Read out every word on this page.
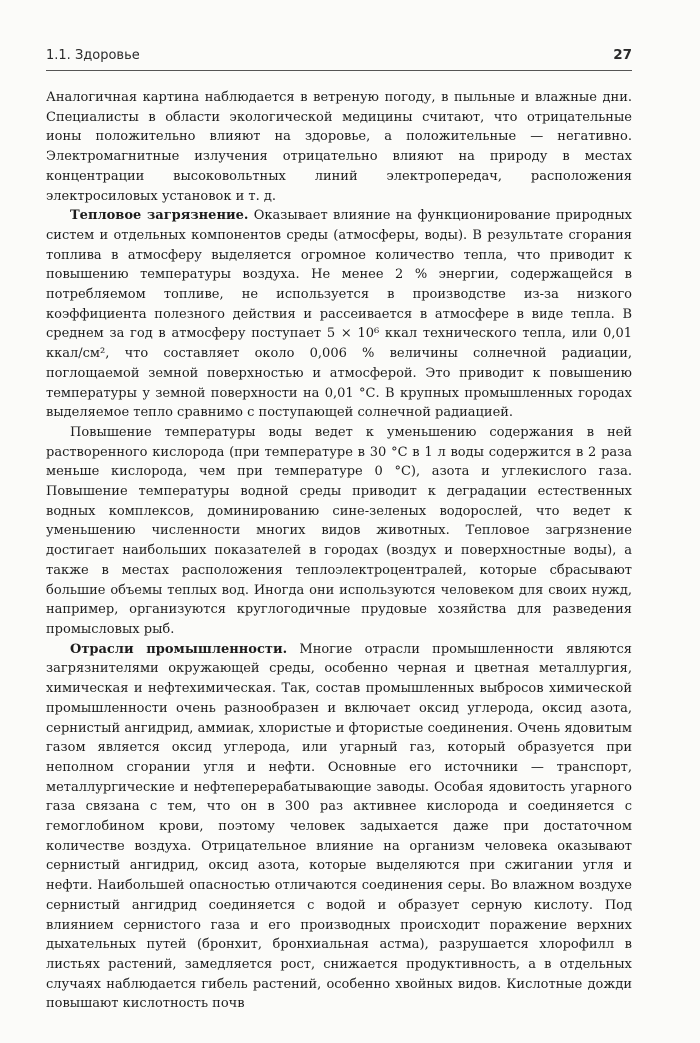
1.1. Здоровье	27

Аналогичная картина наблюдается в ветреную погоду, в пыльные и влажные дни. Специалисты в области экологической медицины считают, что отрицательные ионы положительно влияют на здоровье, а положительные — негативно. Электромагнитные излучения отрицательно влияют на природу в местах концентрации высоковольтных линий электропередач, расположения электросиловых установок и т. д.

Тепловое загрязнение. Оказывает влияние на функционирование природных систем и отдельных компонентов среды (атмосферы, воды). В результате сгорания топлива в атмосферу выделяется огромное количество тепла, что приводит к повышению температуры воздуха. Не менее 2 % энергии, содержащейся в потребляемом топливе, не используется в производстве из-за низкого коэффициента полезного действия и рассеивается в атмосфере в виде тепла. В среднем за год в атмосферу поступает 5 × 10⁶ ккал технического тепла, или 0,01 ккал/см², что составляет около 0,006 % величины солнечной радиации, поглощаемой земной поверхностью и атмосферой. Это приводит к повышению температуры у земной поверхности на 0,01 °С. В крупных промышленных городах выделяемое тепло сравнимо с поступающей солнечной радиацией.

Повышение температуры воды ведет к уменьшению содержания в ней растворенного кислорода (при температуре в 30 °С в 1 л воды содержится в 2 раза меньше кислорода, чем при температуре 0 °С), азота и углекислого газа. Повышение температуры водной среды приводит к деградации естественных водных комплексов, доминированию сине-зеленых водорослей, что ведет к уменьшению численности многих видов животных. Тепловое загрязнение достигает наибольших показателей в городах (воздух и поверхностные воды), а также в местах расположения теплоэлектроцентралей, которые сбрасывают большие объемы теплых вод. Иногда они используются человеком для своих нужд, например, организуются круглогодичные прудовые хозяйства для разведения промысловых рыб.

Отрасли промышленности. Многие отрасли промышленности являются загрязнителями окружающей среды, особенно черная и цветная металлургия, химическая и нефтехимическая. Так, состав промышленных выбросов химической промышленности очень разнообразен и включает оксид углерода, оксид азота, сернистый ангидрид, аммиак, хлористые и фтористые соединения. Очень ядовитым газом является оксид углерода, или угарный газ, который образуется при неполном сгорании угля и нефти. Основные его источники — транспорт, металлургические и нефтеперерабатывающие заводы. Особая ядовитость угарного газа связана с тем, что он в 300 раз активнее кислорода и соединяется с гемоглобином крови, поэтому человек задыхается даже при достаточном количестве воздуха. Отрицательное влияние на организм человека оказывают сернистый ангидрид, оксид азота, которые выделяются при сжигании угля и нефти. Наибольшей опасностью отличаются соединения серы. Во влажном воздухе сернистый ангидрид соединяется с водой и образует серную кислоту. Под влиянием сернистого газа и его производных происходит поражение верхних дыхательных путей (бронхит, бронхиальная астма), разрушается хлорофилл в листьях растений, замедляется рост, снижается продуктивность, а в отдельных случаях наблюдается гибель растений, особенно хвойных видов. Кислотные дожди повышают кислотность почв
